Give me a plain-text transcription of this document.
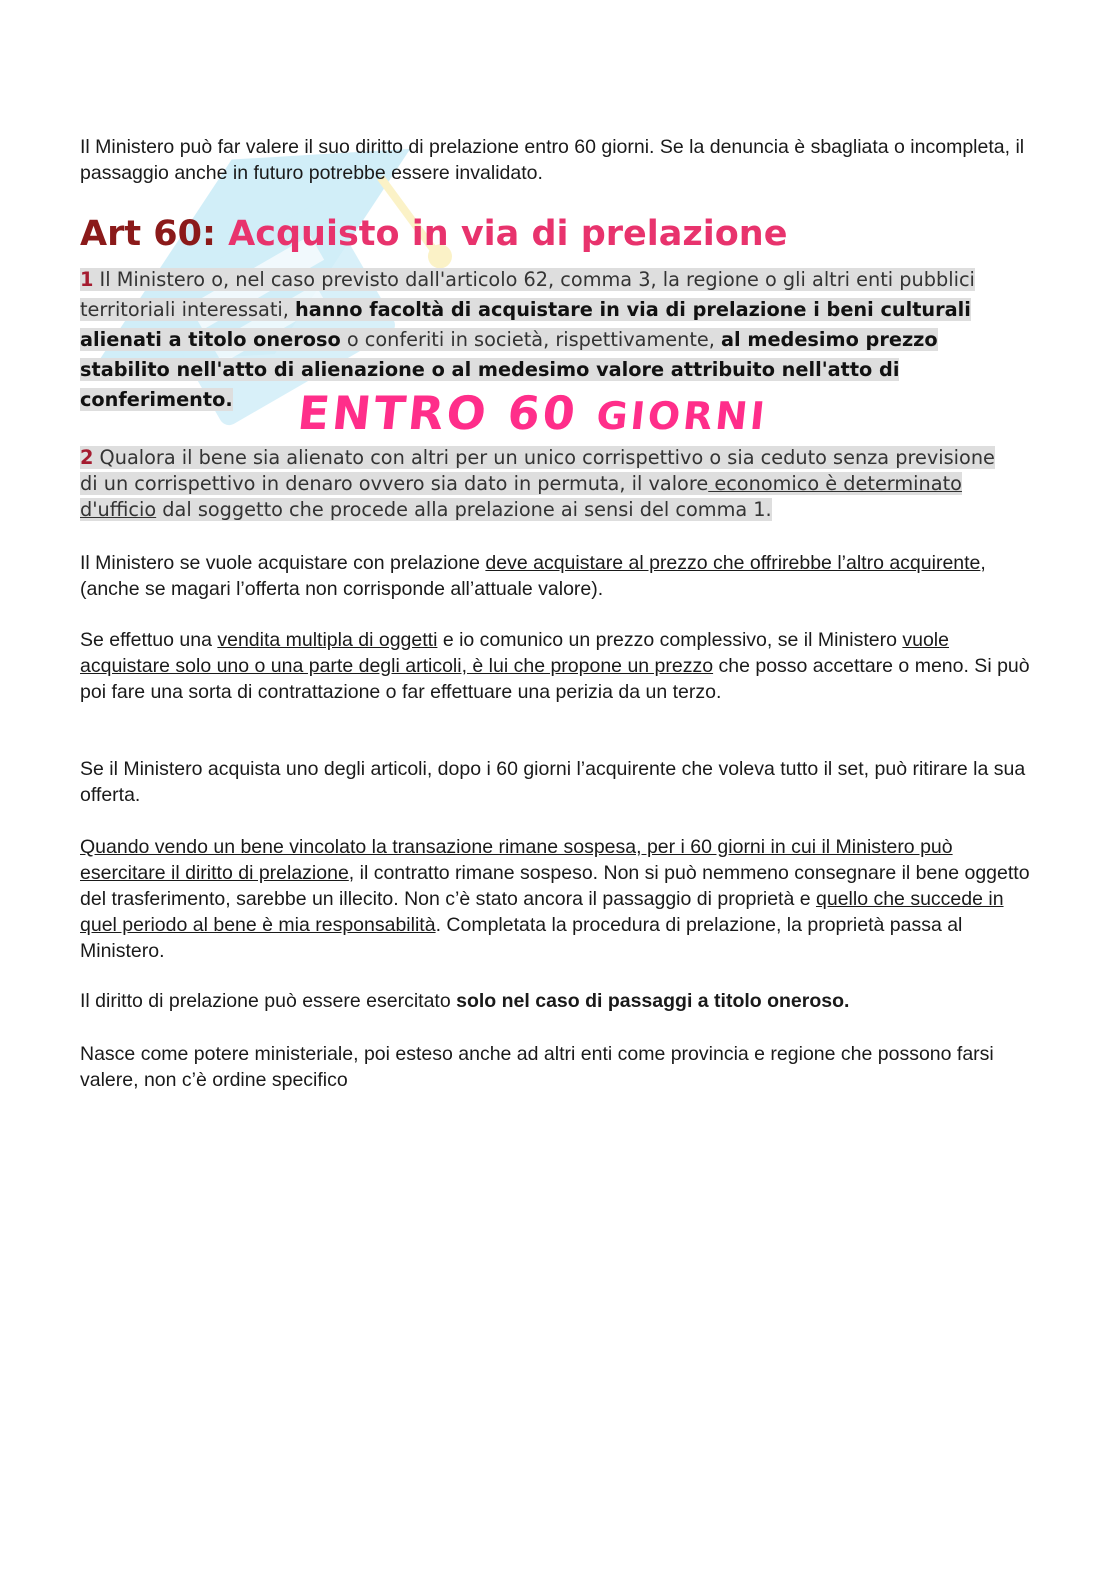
Il Ministero può far valere il suo diritto di prelazione entro 60 giorni. Se la denuncia è sbagliata o incompleta, il passaggio anche in futuro potrebbe essere invalidato.
Art 60: Acquisto in via di prelazione
1 Il Ministero o, nel caso previsto dall'articolo 62, comma 3, la regione o gli altri enti pubblici territoriali interessati, hanno facoltà di acquistare in via di prelazione i beni culturali alienati a titolo oneroso o conferiti in società, rispettivamente, al medesimo prezzo stabilito nell'atto di alienazione o al medesimo valore attribuito nell'atto di conferimento.	ENTRO 60 GIORNI
2 Qualora il bene sia alienato con altri per un unico corrispettivo o sia ceduto senza previsione di un corrispettivo in denaro ovvero sia dato in permuta, il valore economico è determinato d'ufficio dal soggetto che procede alla prelazione ai sensi del comma 1.
Il Ministero se vuole acquistare con prelazione deve acquistare al prezzo che offrirebbe l’altro acquirente, (anche se magari l’offerta non corrisponde all’attuale valore).
Se effettuo una vendita multipla di oggetti e io comunico un prezzo complessivo, se il Ministero vuole acquistare solo uno o una parte degli articoli, è lui che propone un prezzo che posso accettare o meno. Si può poi fare una sorta di contrattazione o far effettuare una perizia da un terzo.
Se il Ministero acquista uno degli articoli, dopo i 60 giorni l’acquirente che voleva tutto il set, può ritirare la sua offerta.
Quando vendo un bene vincolato la transazione rimane sospesa, per i 60 giorni in cui il Ministero può esercitare il diritto di prelazione, il contratto rimane sospeso. Non si può nemmeno consegnare il bene oggetto del trasferimento, sarebbe un illecito. Non c’è stato ancora il passaggio di proprietà e quello che succede in quel periodo al bene è mia responsabilità. Completata la procedura di prelazione, la proprietà passa al Ministero.
Il diritto di prelazione può essere esercitato solo nel caso di passaggi a titolo oneroso.
Nasce come potere ministeriale, poi esteso anche ad altri enti come provincia e regione che possono farsi valere, non c’è ordine specifico
